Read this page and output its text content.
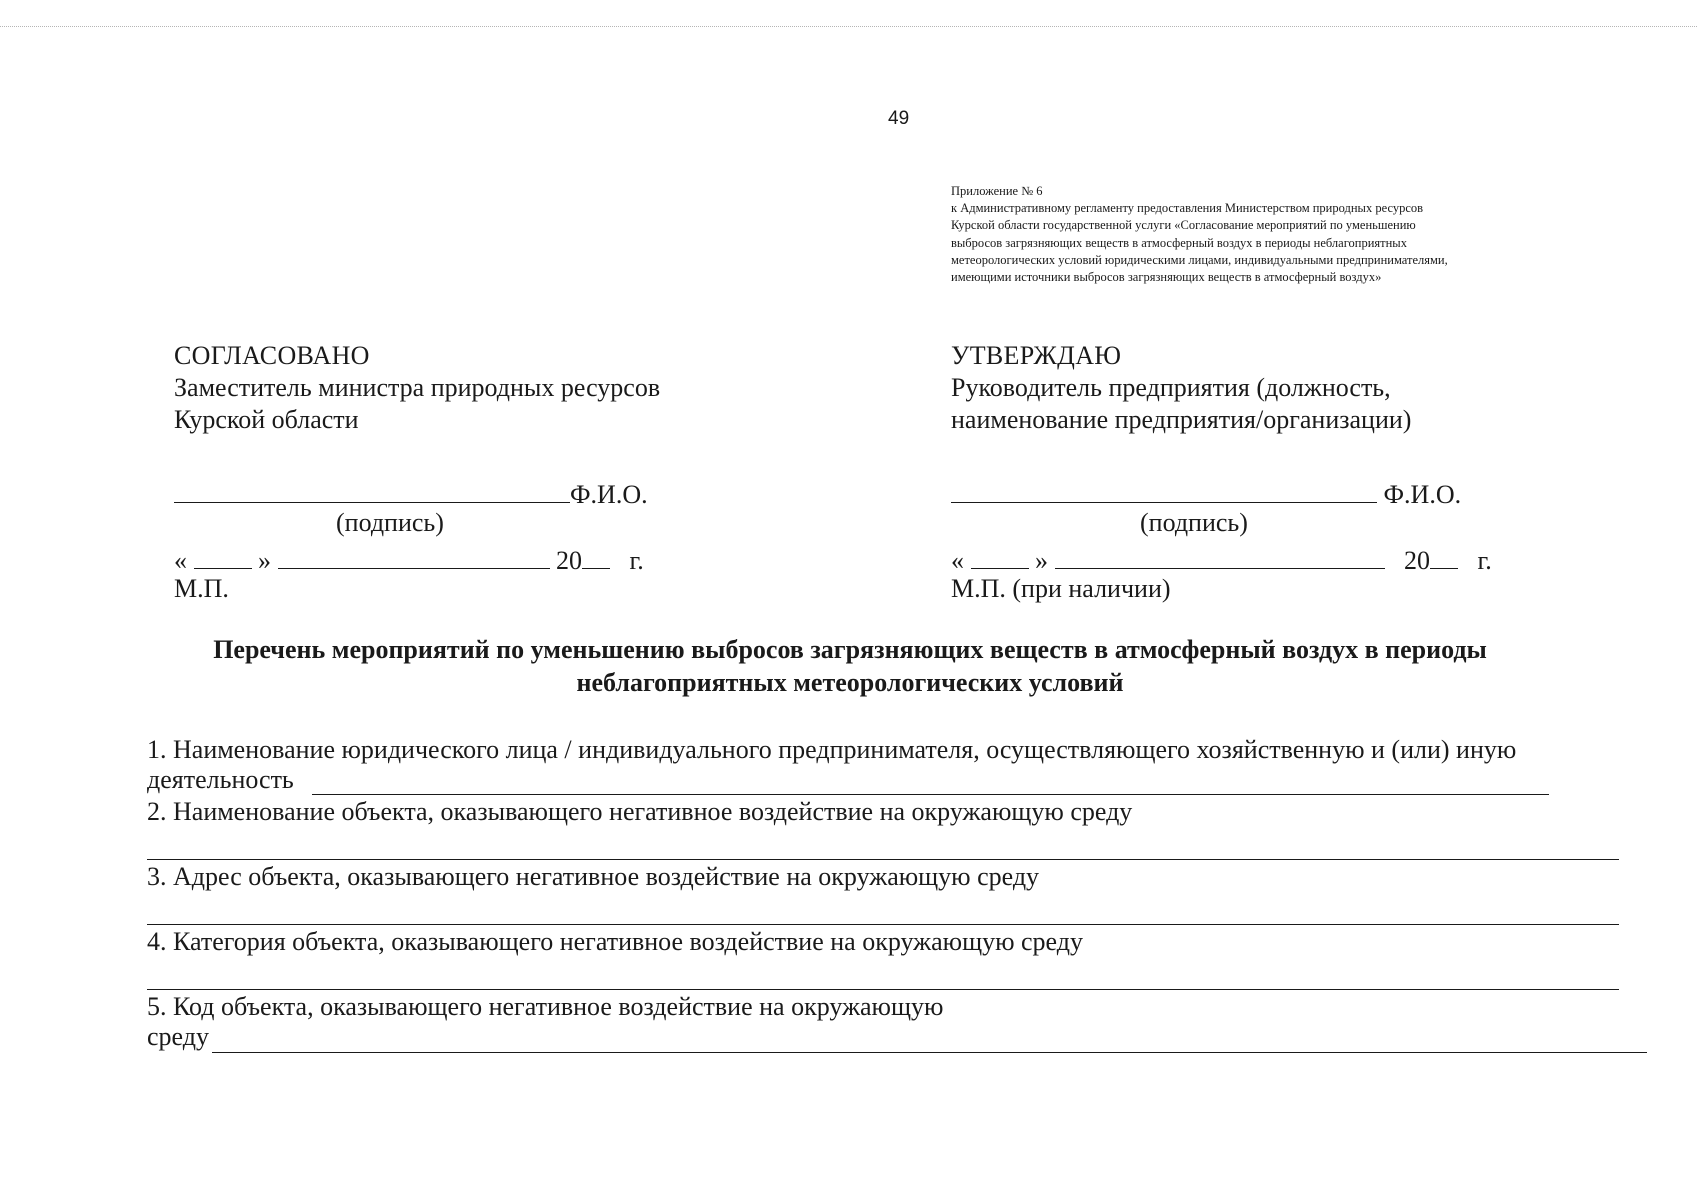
49
Приложение № 6
к Административному регламенту предоставления Министерством природных ресурсов
Курской области государственной услуги «Согласование мероприятий по уменьшению
выбросов загрязняющих веществ в атмосферный воздух в периоды неблагоприятных
метеорологических условий юридическими лицами, индивидуальными предпринимателями,
имеющими источники выбросов загрязняющих веществ в атмосферный воздух»
СОГЛАСОВАНО
Заместитель министра природных ресурсов
Курской области
Ф.И.О.
(подпись)
«	»	20 г.
М.П.
УТВЕРЖДАЮ
Руководитель предприятия (должность,
наименование предприятия/организации)
Ф.И.О.
(подпись)
«	»	20 г.
М.П. (при наличии)
Перечень мероприятий по уменьшению выбросов загрязняющих веществ в атмосферный воздух в периоды
неблагоприятных метеорологических условий
1. Наименование юридического лица / индивидуального предпринимателя, осуществляющего хозяйственную и (или) иную
деятельность
2. Наименование объекта, оказывающего негативное воздействие на окружающую среду
3. Адрес объекта, оказывающего негативное воздействие на окружающую среду
4. Категория объекта, оказывающего негативное воздействие на окружающую среду
5. Код объекта, оказывающего негативное воздействие на окружающую
среду
